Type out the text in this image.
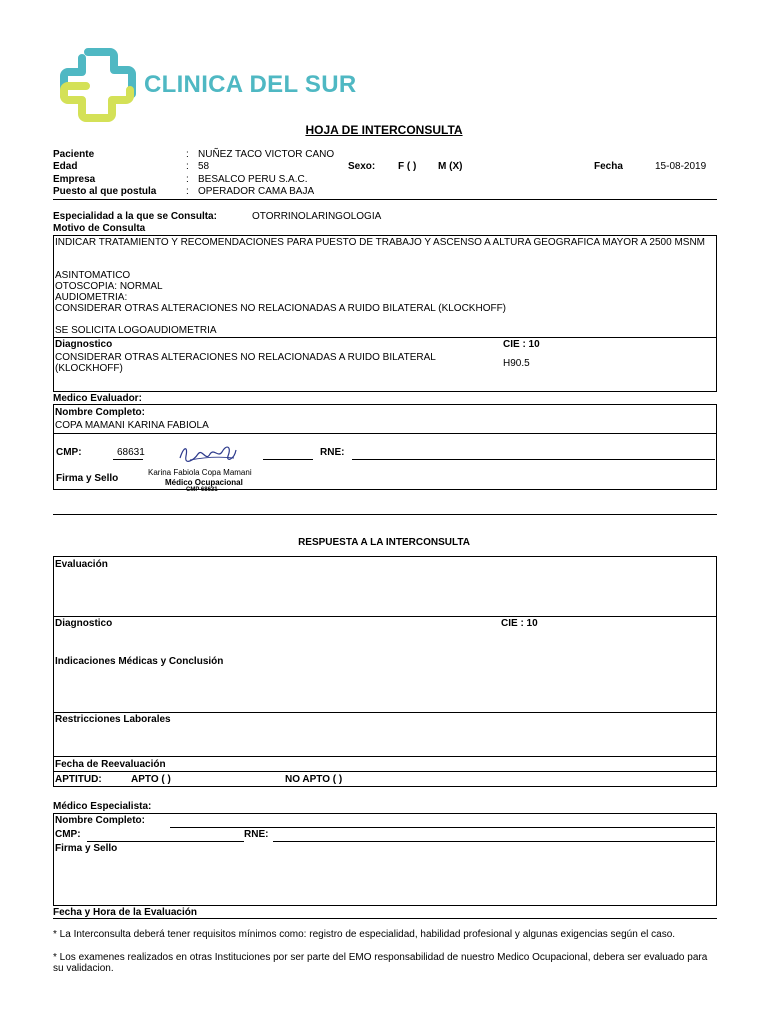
CLINICA DEL SUR
HOJA DE INTERCONSULTA
Paciente	: NUÑEZ TACO VICTOR CANO
Edad	: 58	Sexo: F ( ) M (X)	Fecha	15-08-2019
Empresa	: BESALCO PERU S.A.C.
Puesto al que postula	: OPERADOR CAMA BAJA
Especialidad a la que se Consulta:	OTORRINOLARINGOLOGIA
Motivo de Consulta
INDICAR TRATAMIENTO Y RECOMENDACIONES PARA PUESTO DE TRABAJO Y ASCENSO A ALTURA GEOGRAFICA MAYOR A 2500 MSNM
ASINTOMATICO
OTOSCOPIA: NORMAL
AUDIOMETRIA:
CONSIDERAR OTRAS ALTERACIONES NO RELACIONADAS A RUIDO BILATERAL (KLOCKHOFF)
SE SOLICITA LOGOAUDIOMETRIA
Diagnostico	CIE : 10
CONSIDERAR OTRAS ALTERACIONES NO RELACIONADAS A RUIDO BILATERAL (KLOCKHOFF)	H90.5
Medico Evaluador:
Nombre Completo:
COPA MAMANI KARINA FABIOLA
CMP:	68631	RNE:
Karina Fabiola Copa Mamani
Médico Ocupacional
CMP 68631
Firma y Sello
RESPUESTA A LA INTERCONSULTA
Evaluación
Diagnostico	CIE : 10
Indicaciones Médicas y Conclusión
Restricciones Laborales
Fecha de Reevaluación
APTITUD:	APTO ( )	NO APTO ( )
Médico Especialista:
Nombre Completo:
CMP:	RNE:
Firma y Sello
Fecha y Hora de la Evaluación
* La Interconsulta deberá tener requisitos mínimos como: registro de especialidad, habilidad profesional y algunas exigencias según el caso.
* Los examenes realizados en otras Instituciones por ser parte del EMO responsabilidad de nuestro Medico Ocupacional, debera ser evaluado para su validacion.
